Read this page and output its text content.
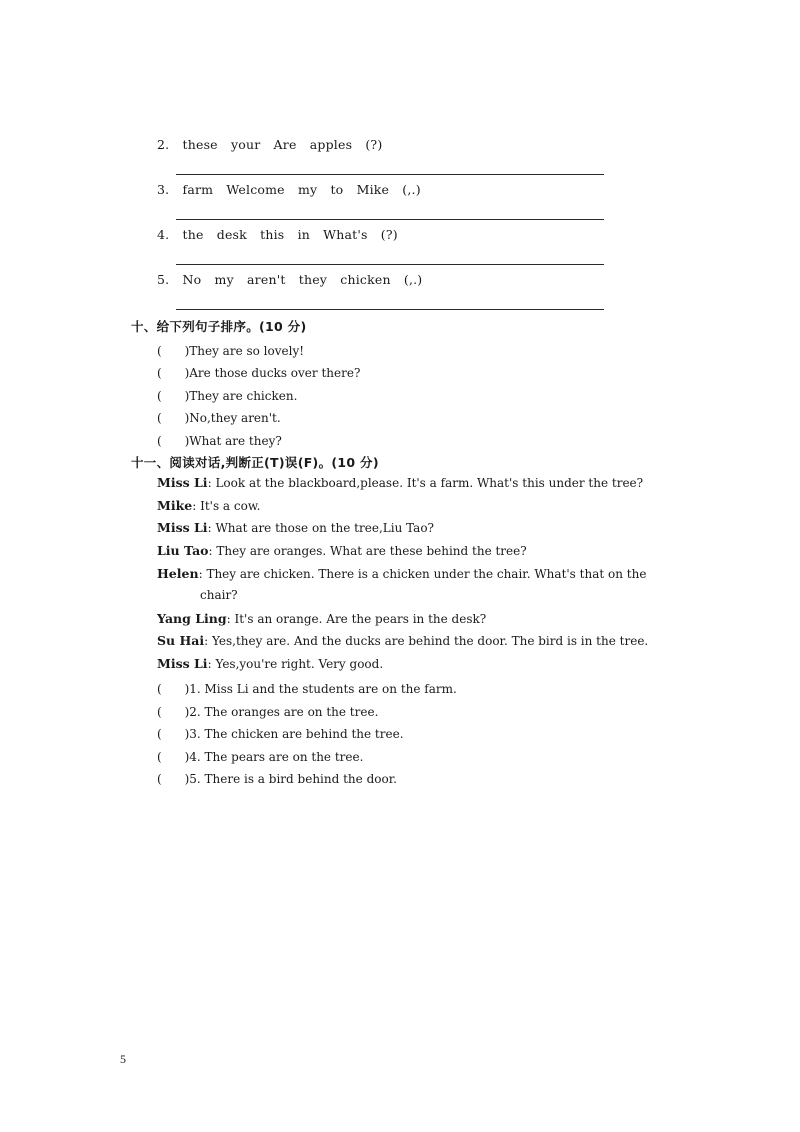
2. these your Are apples (?)
3. farm Welcome my to Mike (,.)
4. the desk this in What's (?)
5. No my aren't they chicken (,.)
十、给下列句子排序。(10 分)
(      )They are so lovely!
(      )Are those ducks over there?
(      )They are chicken.
(      )No,they aren't.
(      )What are they?
十一、阅读对话,判断正(T)误(F)。(10 分)
Miss Li: Look at the blackboard,please. It's a farm. What's this under the tree?
Mike: It's a cow.
Miss Li: What are those on the tree,Liu Tao?
Liu Tao: They are oranges. What are these behind the tree?
Helen: They are chicken. There is a chicken under the chair. What's that on the
chair?
Yang Ling: It's an orange. Are the pears in the desk?
Su Hai: Yes,they are. And the ducks are behind the door. The bird is in the tree.
Miss Li: Yes,you're right. Very good.
(      )1. Miss Li and the students are on the farm.
(      )2. The oranges are on the tree.
(      )3. The chicken are behind the tree.
(      )4. The pears are on the tree.
(      )5. There is a bird behind the door.
5
